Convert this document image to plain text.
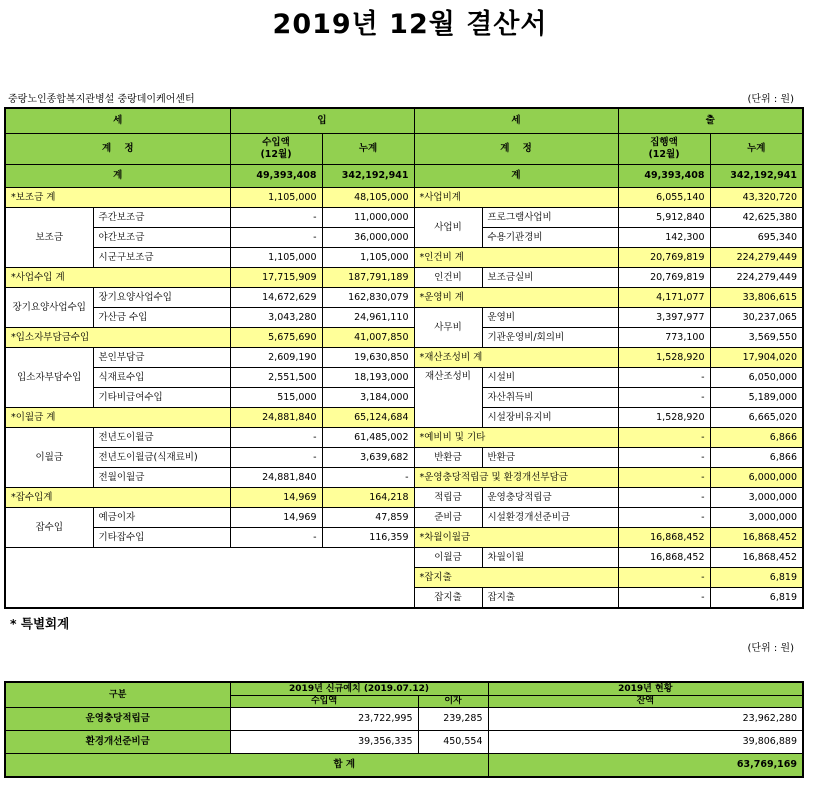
2019년 12월 결산서
중랑노인종합복지관병설 중랑데이케어센터	(단위 : 원)
세		입		세		출	
계    정		수입액
(12월)	누계	계    정		집행액
(12월)	누계
계		49,393,408	342,192,941	계		49,393,408	342,192,941
*보조금 계		1,105,000	48,105,000	*사업비계		6,055,140	43,320,720
보조금	주간보조금	-	11,000,000	사업비	프로그램사업비	5,912,840	42,625,380
	야간보조금	-	36,000,000		수용기관경비	142,300	695,340
	시군구보조금	1,105,000	1,105,000	*인건비 계		20,769,819	224,279,449
*사업수입 계		17,715,909	187,791,189	인건비	보조금실비	20,769,819	224,279,449
장기요양사업수입	장기요양사업수입	14,672,629	162,830,079	*운영비 계		4,171,077	33,806,615
	가산금 수입	3,043,280	24,961,110	사무비	운영비	3,397,977	30,237,065
*입소자부담금수입		5,675,690	41,007,850		기관운영비/회의비	773,100	3,569,550
입소자부담수입	본인부담금	2,609,190	19,630,850	*재산조성비 계		1,528,920	17,904,020
	식재료수입	2,551,500	18,193,000	재산조성비	시설비	-	6,050,000
	기타비급여수입	515,000	3,184,000		자산취득비	-	5,189,000
*이월금 계		24,881,840	65,124,684		시설장비유지비	1,528,920	6,665,020
이월금	전년도이월금	-	61,485,002	*예비비 및 기타		-	6,866
	전년도이월금(식재료비)	-	3,639,682	반환금	반환금	-	6,866
	전월이월금	24,881,840	-	*운영충당적립금 및 환경개선부담금		-	6,000,000
*잡수입계		14,969	164,218	적립금	운영충당적립금	-	3,000,000
잡수입	예금이자	14,969	47,859	준비금	시설환경개선준비금	-	3,000,000
	기타잡수입	-	116,359	*차월이월금		16,868,452	16,868,452
				이월금	차월이월	16,868,452	16,868,452
				*잡지출		-	6,819
				잡지출	잡지출	-	6,819
* 특별회계
(단위 : 원)
구분	2019년 신규예치 (2019.07.12)		2019년 현황
	수입액	이자	잔액
운영충당적립금	23,722,995	239,285	23,962,280
환경개선준비금	39,356,335	450,554	39,806,889
합 계			63,769,169
